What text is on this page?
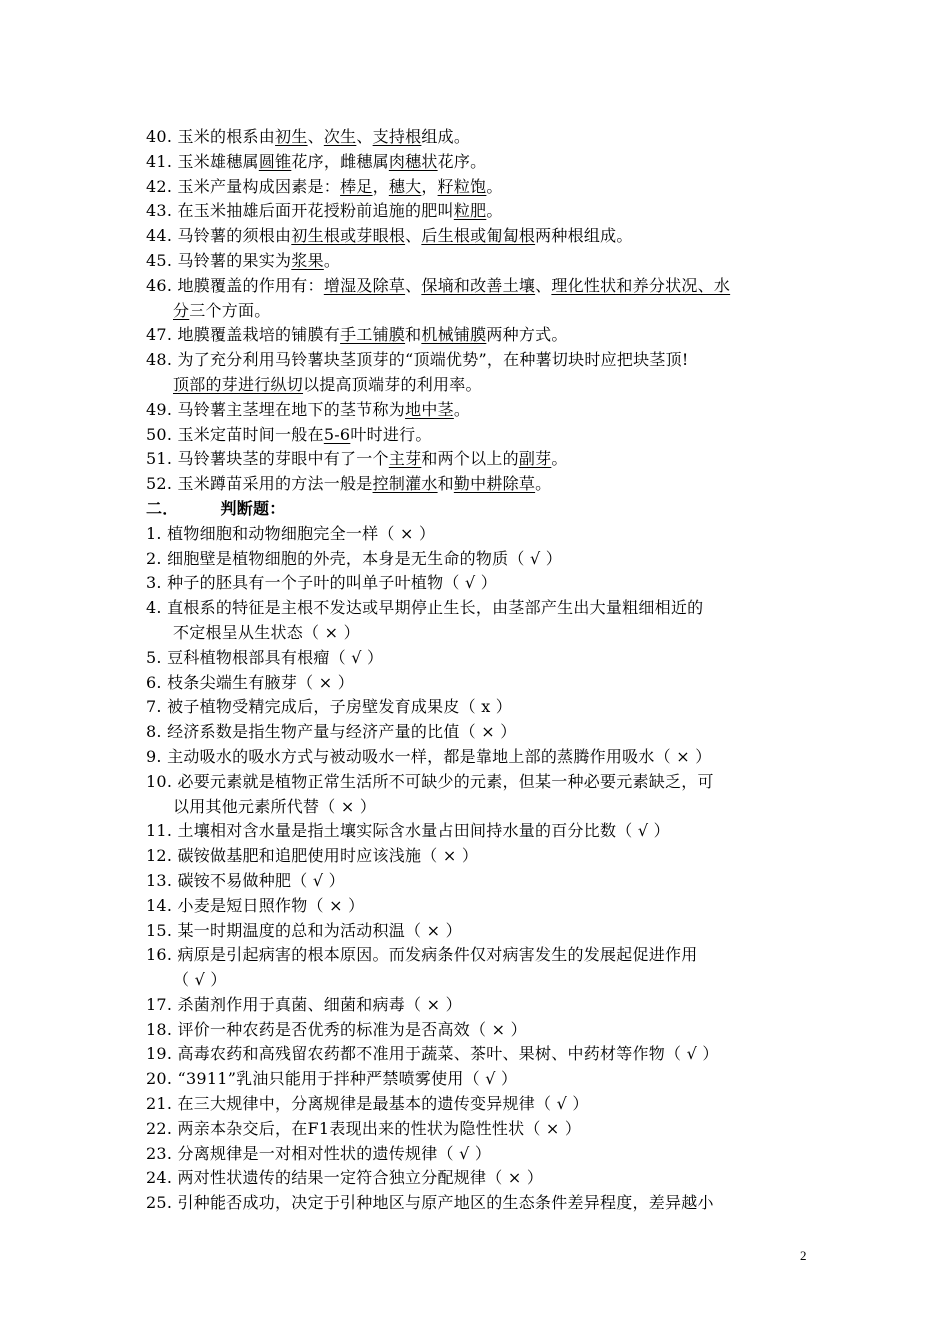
40. 玉米的根系由初生、次生、支持根组成。
41. 玉米雄穗属圆锥花序，雌穗属肉穗状花序。
42. 玉米产量构成因素是：棒足，穗大，籽粒饱。
43. 在玉米抽雄后面开花授粉前追施的肥叫粒肥。
44. 马铃薯的须根由初生根或芽眼根、后生根或匍匐根两种根组成。
45. 马铃薯的果实为浆果。
46. 地膜覆盖的作用有：增湿及除草、保墒和改善土壤、理化性状和养分状况、水
分三个方面。
47. 地膜覆盖栽培的铺膜有手工铺膜和机械铺膜两种方式。
48. 为了充分利用马铃薯块茎顶芽的“顶端优势”，在种薯切块时应把块茎顶!
顶部的芽进行纵切以提高顶端芽的利用率。
49. 马铃薯主茎埋在地下的茎节称为地中茎。
50. 玉米定苗时间一般在5-6叶时进行。
51. 马铃薯块茎的芽眼中有了一个主芽和两个以上的副芽。
52. 玉米蹲苗采用的方法一般是控制灌水和勤中耕除草。
二．	判断题：
1. 植物细胞和动物细胞完全一样（ × ）
2. 细胞壁是植物细胞的外壳，本身是无生命的物质（ √ ）
3. 种子的胚具有一个子叶的叫单子叶植物（ √ ）
4. 直根系的特征是主根不发达或早期停止生长，由茎部产生出大量粗细相近的
不定根呈从生状态（ × ）
5. 豆科植物根部具有根瘤（ √ ）
6. 枝条尖端生有腋芽（ × ）
7. 被子植物受精完成后，子房壁发育成果皮（ x ）
8. 经济系数是指生物产量与经济产量的比值（ × ）
9. 主动吸水的吸水方式与被动吸水一样，都是靠地上部的蒸腾作用吸水（ × ）
10. 必要元素就是植物正常生活所不可缺少的元素，但某一种必要元素缺乏，可
以用其他元素所代替（ × ）
11. 土壤相对含水量是指土壤实际含水量占田间持水量的百分比数（ √ ）
12. 碳铵做基肥和追肥使用时应该浅施（ × ）
13. 碳铵不易做种肥（ √ ）
14. 小麦是短日照作物（ × ）
15. 某一时期温度的总和为活动积温（ × ）
16. 病原是引起病害的根本原因。而发病条件仅对病害发生的发展起促进作用
（ √ ）
17. 杀菌剂作用于真菌、细菌和病毒（ × ）
18. 评价一种农药是否优秀的标准为是否高效（ × ）
19. 高毒农药和高残留农药都不准用于蔬菜、茶叶、果树、中药材等作物（ √ ）
20. “3911”乳油只能用于拌种严禁喷雾使用（ √ ）
21. 在三大规律中，分离规律是最基本的遗传变异规律（ √ ）
22. 两亲本杂交后，在F1表现出来的性状为隐性性状（ × ）
23. 分离规律是一对相对性状的遗传规律（ √ ）
24. 两对性状遗传的结果一定符合独立分配规律（ × ）
25. 引种能否成功，决定于引种地区与原产地区的生态条件差异程度，差异越小
2
